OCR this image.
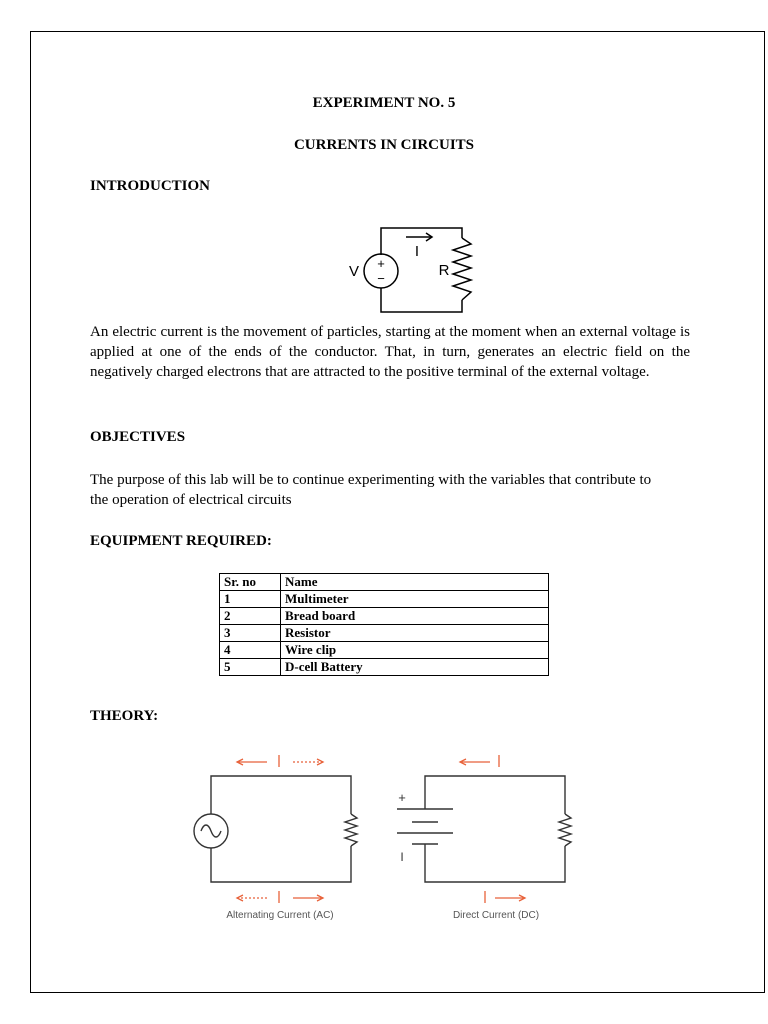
EXPERIMENT NO. 5
CURRENTS IN CIRCUITS
INTRODUCTION
I
V	R
+
−
An electric current is the movement of particles, starting at the moment when an external voltage is applied at one of the ends of the conductor. That, in turn, generates an electric field on the negatively charged electrons that are attracted to the positive terminal of the external voltage.
OBJECTIVES
The purpose of this lab will be to continue experimenting with the variables that contribute to the operation of electrical circuits
EQUIPMENT REQUIRED:
Sr. no	Name
1	Multimeter
2	Bread board
3	Resistor
4	Wire clip
5	D-cell Battery
THEORY:
+
I
Alternating Current (AC)	Direct Current (DC)
